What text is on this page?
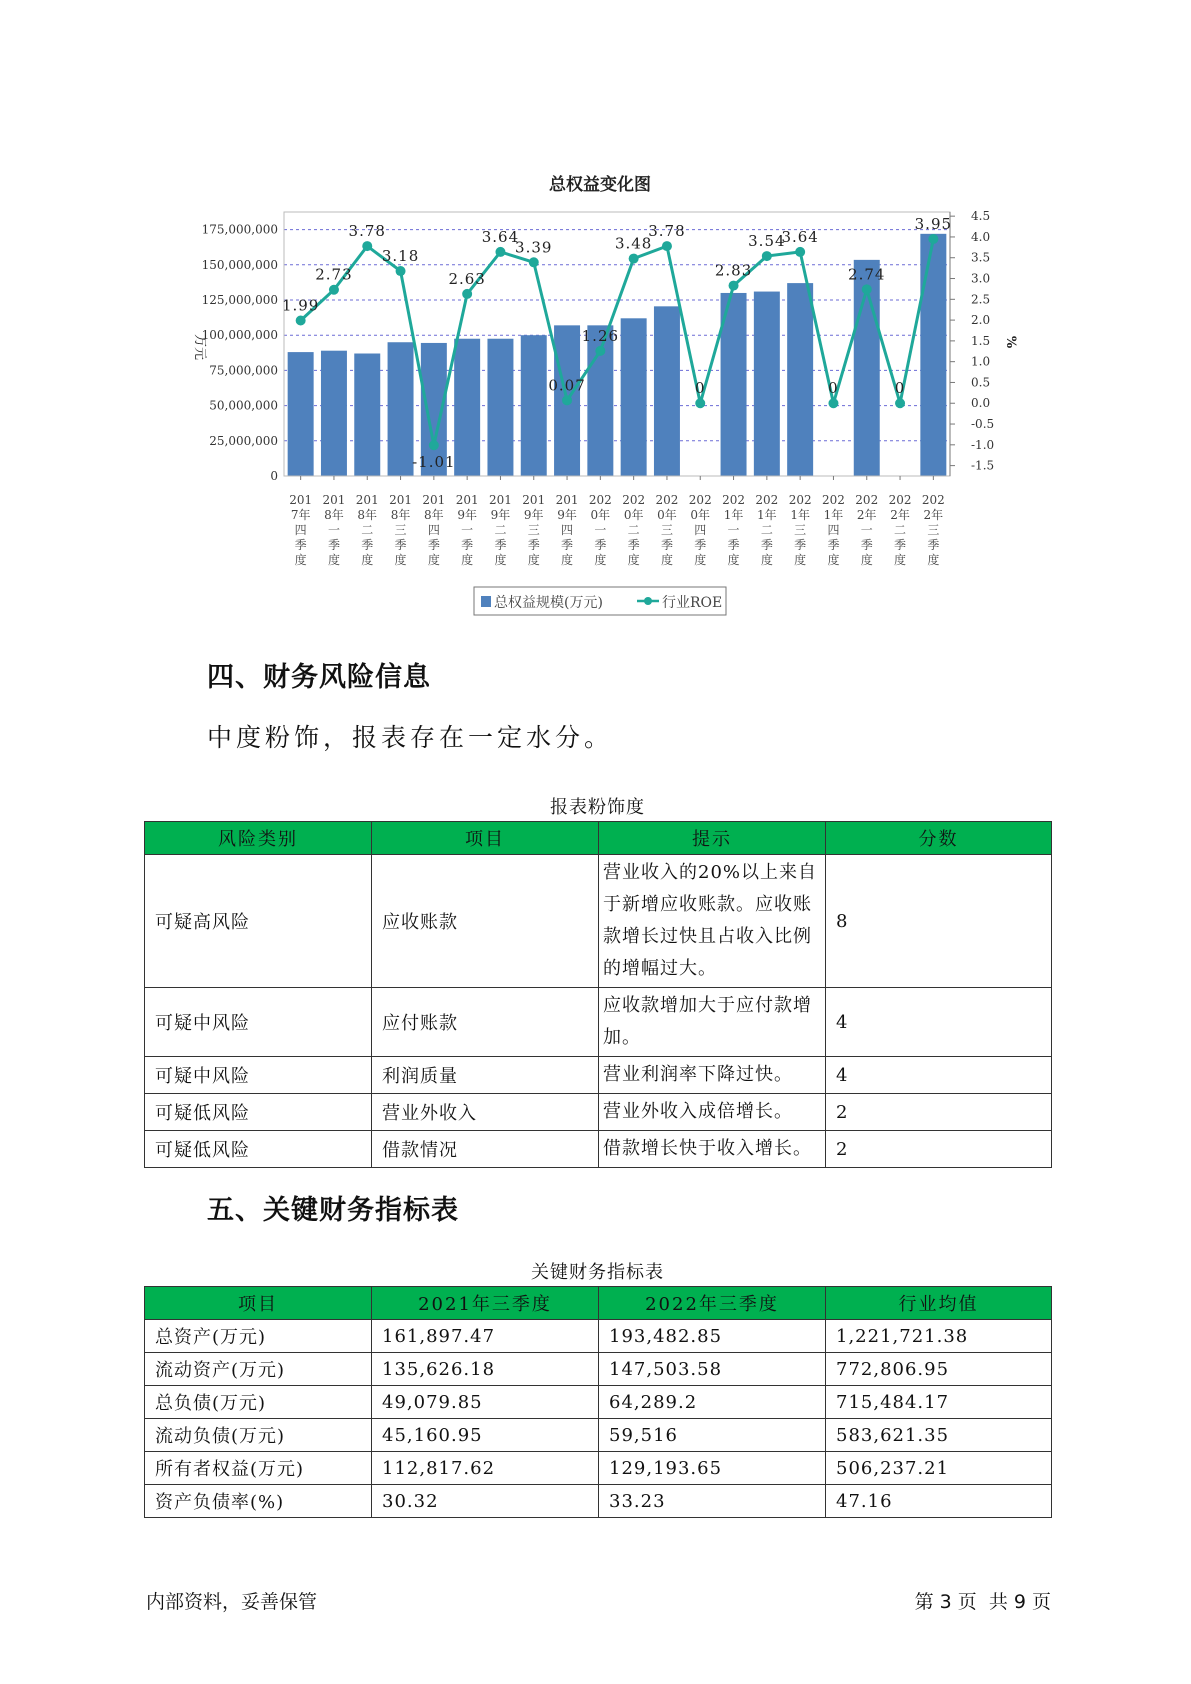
总权益变化图
0
25,000,000
50,000,000
75,000,000
100,000,000
125,000,000
150,000,000
175,000,000
4.5
4.0
3.5
3.0
2.5
2.0
1.5
1.0
0.5
0.0
-0.5
-1.0
-1.5
1.99
2.73
3.78
3.18
-1.01
2.63
3.64
3.39
0.07
1.26
3.48
3.78
0
2.83
3.54
3.64
0
2.74
0
3.95
201
7年
四
季
度
201
8年
一
季
度
201
8年
二
季
度
201
8年
三
季
度
201
8年
四
季
度
201
9年
一
季
度
201
9年
二
季
度
201
9年
三
季
度
201
9年
四
季
度
202
0年
一
季
度
202
0年
二
季
度
202
0年
三
季
度
202
0年
四
季
度
202
1年
一
季
度
202
1年
二
季
度
202
1年
三
季
度
202
1年
四
季
度
202
2年
一
季
度
202
2年
二
季
度
202
2年
三
季
度
万元	%
总权益规模(万元)	行业ROE
四、财务风险信息
中度粉饰，报表存在一定水分。
报表粉饰度
风险类别	项目	提示	分数
可疑高风险	应收账款	营业收入的20%以上来自于新增应收账款。应收账款增长过快且占收入比例的增幅过大。	8
可疑中风险	应付账款	应收款增加大于应付款增加。	4
可疑中风险	利润质量	营业利润率下降过快。	4
可疑低风险	营业外收入	营业外收入成倍增长。	2
可疑低风险	借款情况	借款增长快于收入增长。	2
五、关键财务指标表
关键财务指标表
项目	2021年三季度	2022年三季度	行业均值
总资产(万元)	161,897.47	193,482.85	1,221,721.38
流动资产(万元)	135,626.18	147,503.58	772,806.95
总负债(万元)	49,079.85	64,289.2	715,484.17
流动负债(万元)	45,160.95	59,516	583,621.35
所有者权益(万元)	112,817.62	129,193.65	506,237.21
资产负债率(%)	30.32	33.23	47.16
内部资料，妥善保管	第 3 页  共 9 页
